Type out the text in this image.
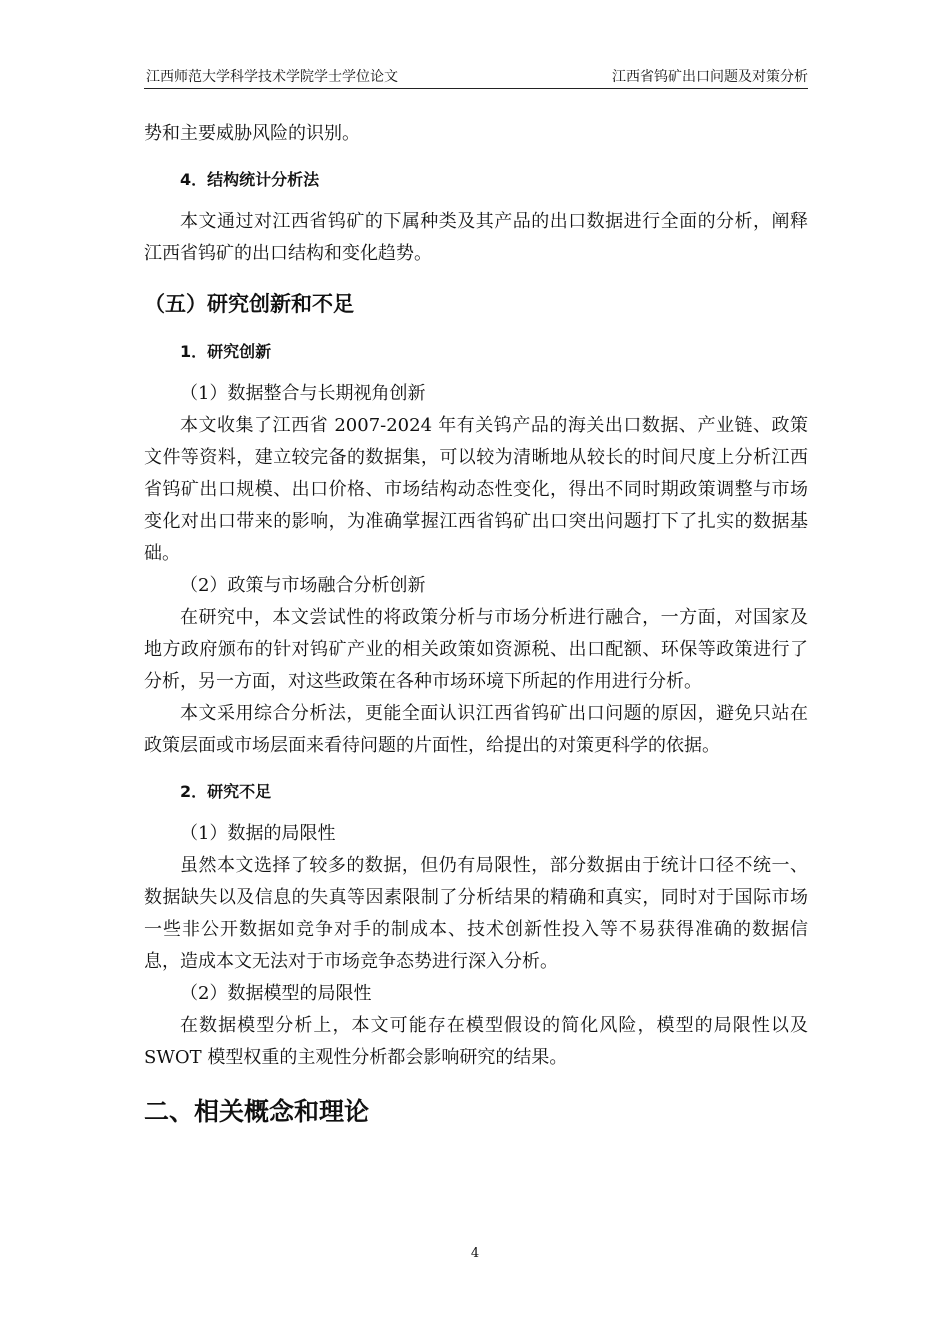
江西师范大学科学技术学院学士学位论文	江西省钨矿出口问题及对策分析

势和主要威胁风险的识别。

4．结构统计分析法

本文通过对江西省钨矿的下属种类及其产品的出口数据进行全面的分析，阐释江西省钨矿的出口结构和变化趋势。

（五）研究创新和不足

1．研究创新

（1）数据整合与长期视角创新

本文收集了江西省 2007-2024 年有关钨产品的海关出口数据、产业链、政策文件等资料，建立较完备的数据集，可以较为清晰地从较长的时间尺度上分析江西省钨矿出口规模、出口价格、市场结构动态性变化，得出不同时期政策调整与市场变化对出口带来的影响，为准确掌握江西省钨矿出口突出问题打下了扎实的数据基础。

（2）政策与市场融合分析创新

在研究中，本文尝试性的将政策分析与市场分析进行融合，一方面，对国家及地方政府颁布的针对钨矿产业的相关政策如资源税、出口配额、环保等政策进行了分析，另一方面，对这些政策在各种市场环境下所起的作用进行分析。

本文采用综合分析法，更能全面认识江西省钨矿出口问题的原因，避免只站在政策层面或市场层面来看待问题的片面性，给提出的对策更科学的依据。

2．研究不足

（1）数据的局限性

虽然本文选择了较多的数据，但仍有局限性，部分数据由于统计口径不统一、数据缺失以及信息的失真等因素限制了分析结果的精确和真实，同时对于国际市场一些非公开数据如竞争对手的制成本、技术创新性投入等不易获得准确的数据信息，造成本文无法对于市场竞争态势进行深入分析。

（2）数据模型的局限性

在数据模型分析上，本文可能存在模型假设的简化风险，模型的局限性以及 SWOT 模型权重的主观性分析都会影响研究的结果。

二、相关概念和理论

4
